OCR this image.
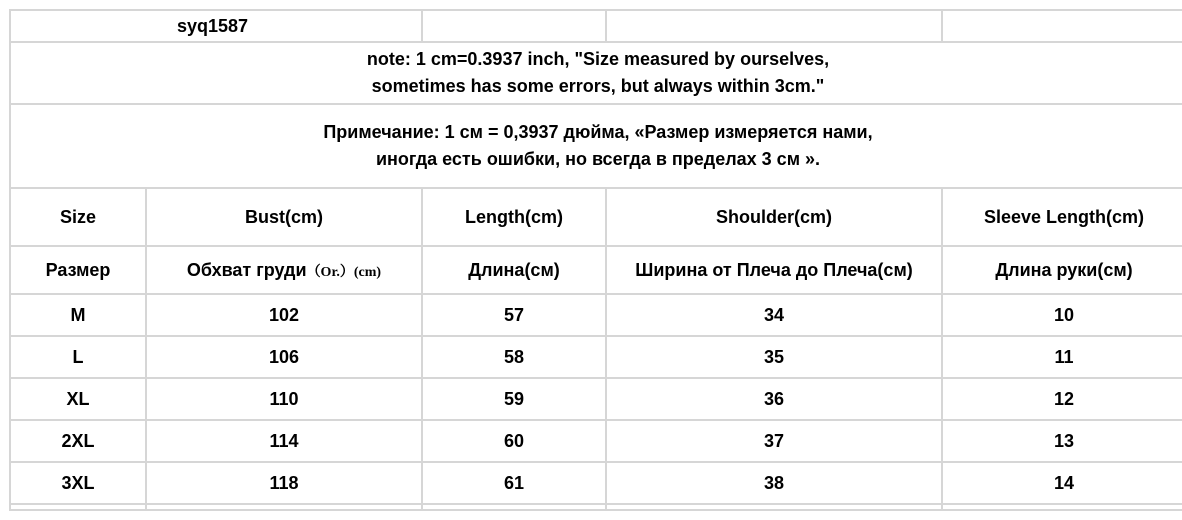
syq1587				

note: 1 cm=0.3937 inch, "Size measured by ourselves,
sometimes has some errors, but always within 3cm."				

Примечание: 1 см = 0,3937 дюйма, «Размер измеряется нами,
иногда есть ошибки, но всегда в пределах 3 см ».				

Size	Bust(cm)	Length(cm)	Shoulder(cm)	Sleeve Length(cm)
Размер	Обхват груди（Or.）(cm)	Длина(см)	Ширина от Плеча до Плеча(см)	Длина руки(см)
M	102	57	34	10
L	106	58	35	11
XL	110	59	36	12
2XL	114	60	37	13
3XL	118	61	38	14
